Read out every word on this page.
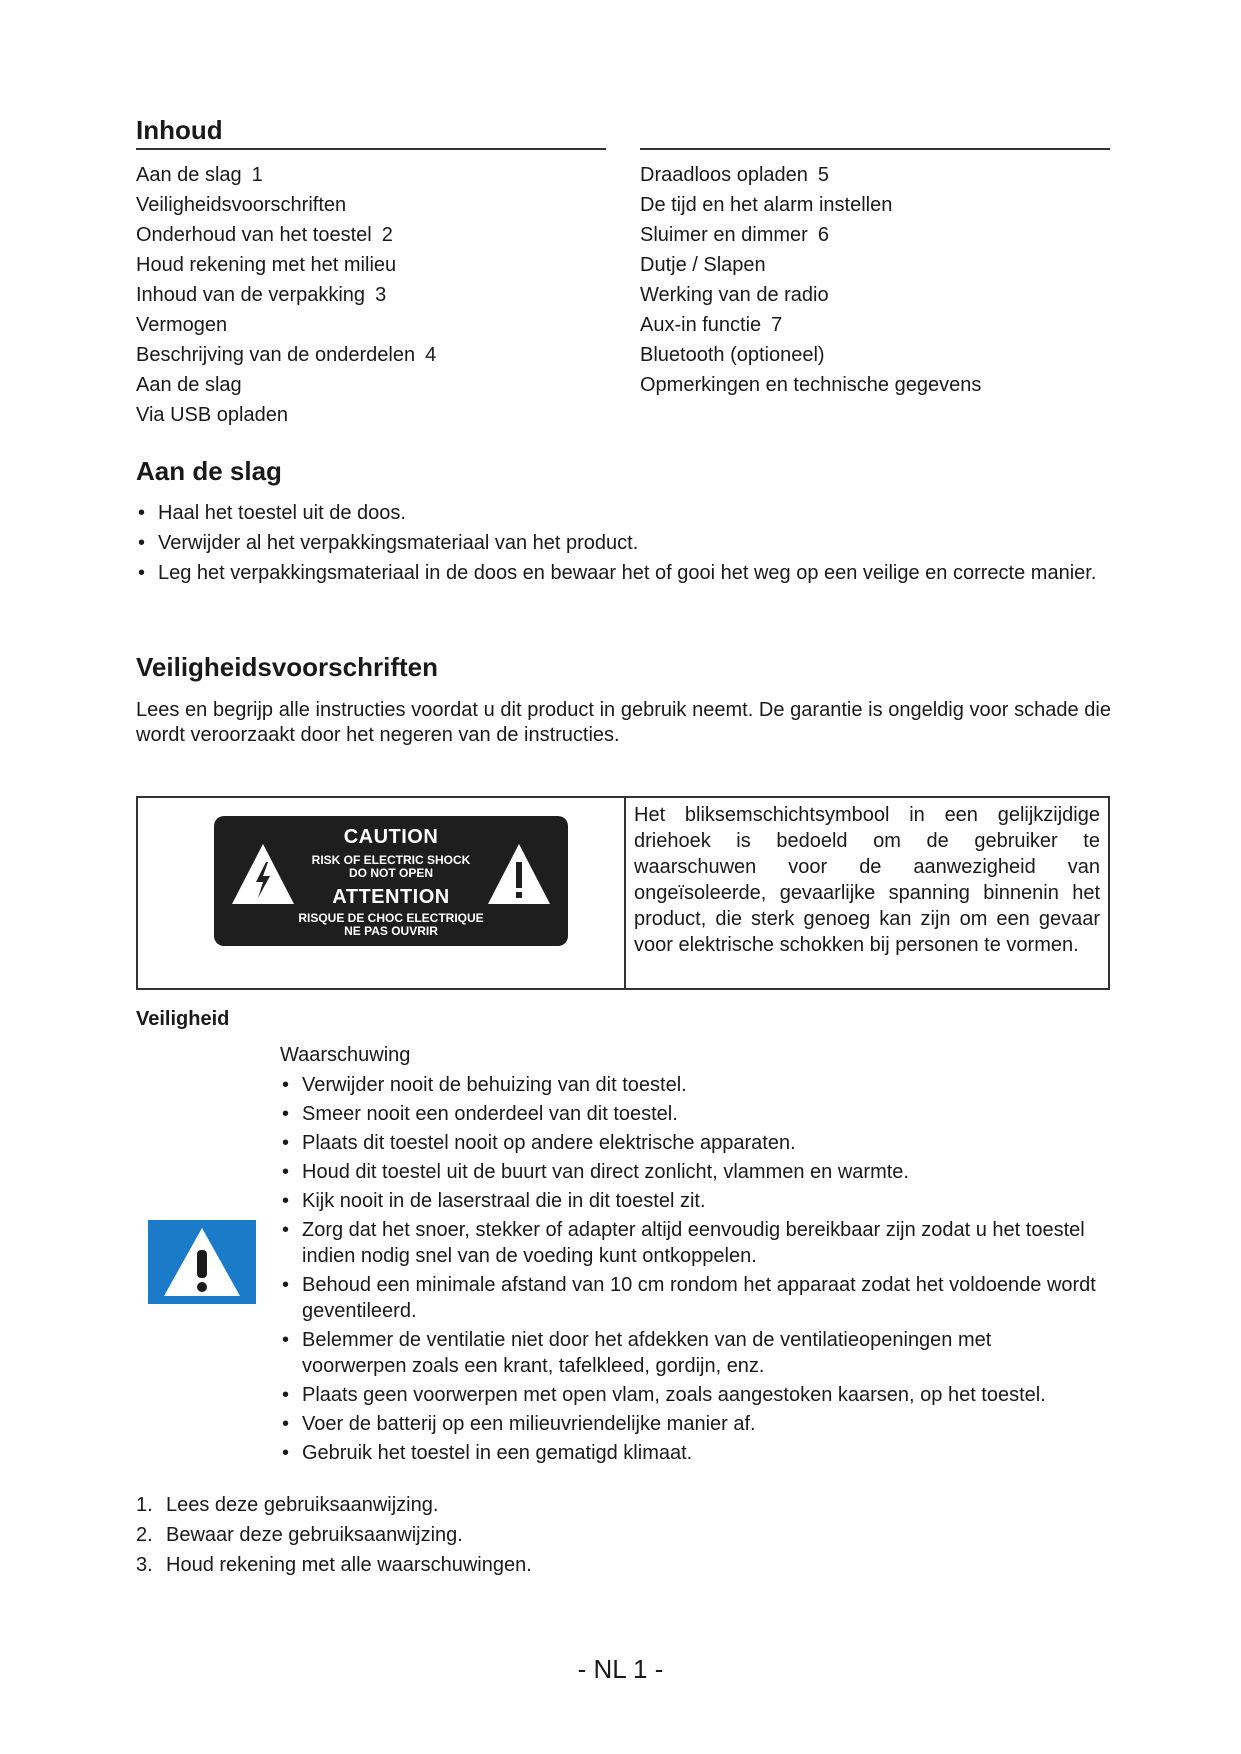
Inhoud
Aan de slag 1
Veiligheidsvoorschriften
Onderhoud van het toestel 2
Houd rekening met het milieu
Inhoud van de verpakking 3
Vermogen
Beschrijving van de onderdelen 4
Aan de slag
Via USB opladen
Draadloos opladen 5
De tijd en het alarm instellen
Sluimer en dimmer 6
Dutje / Slapen
Werking van de radio
Aux-in functie 7
Bluetooth (optioneel)
Opmerkingen en technische gegevens
Aan de slag
• Haal het toestel uit de doos.
• Verwijder al het verpakkingsmateriaal van het product.
• Leg het verpakkingsmateriaal in de doos en bewaar het of gooi het weg op een veilige en correcte manier.
Veiligheidsvoorschriften

Lees en begrijp alle instructies voordat u dit product in gebruik neemt. De garantie is ongeldig voor schade die wordt veroorzaakt door het negeren van de instructies.

CAUTION
RISK OF ELECTRIC SHOCK
DO NOT OPEN
ATTENTION
RISQUE DE CHOC ELECTRIQUE
NE PAS OUVRIR
Het bliksemschichtsymbool in een gelijkzijdige driehoek is bedoeld om de gebruiker te waarschuwen voor de aanwezigheid van ongeïsoleerde, gevaarlijke spanning binnenin het product, die sterk genoeg kan zijn om een gevaar voor elektrische schokken bij personen te vormen.
Veiligheid
Waarschuwing
• Verwijder nooit de behuizing van dit toestel.
• Smeer nooit een onderdeel van dit toestel.
• Plaats dit toestel nooit op andere elektrische apparaten.
• Houd dit toestel uit de buurt van direct zonlicht, vlammen en warmte.
• Kijk nooit in de laserstraal die in dit toestel zit.
• Zorg dat het snoer, stekker of adapter altijd eenvoudig bereikbaar zijn zodat u het toestel indien nodig snel van de voeding kunt ontkoppelen.
• Behoud een minimale afstand van 10 cm rondom het apparaat zodat het voldoende wordt geventileerd.
• Belemmer de ventilatie niet door het afdekken van de ventilatieopeningen met voorwerpen zoals een krant, tafelkleed, gordijn, enz.
• Plaats geen voorwerpen met open vlam, zoals aangestoken kaarsen, op het toestel.
• Voer de batterij op een milieuvriendelijke manier af.
• Gebruik het toestel in een gematigd klimaat.
1. Lees deze gebruiksaanwijzing.
2. Bewaar deze gebruiksaanwijzing.
3. Houd rekening met alle waarschuwingen.
- NL 1 -
